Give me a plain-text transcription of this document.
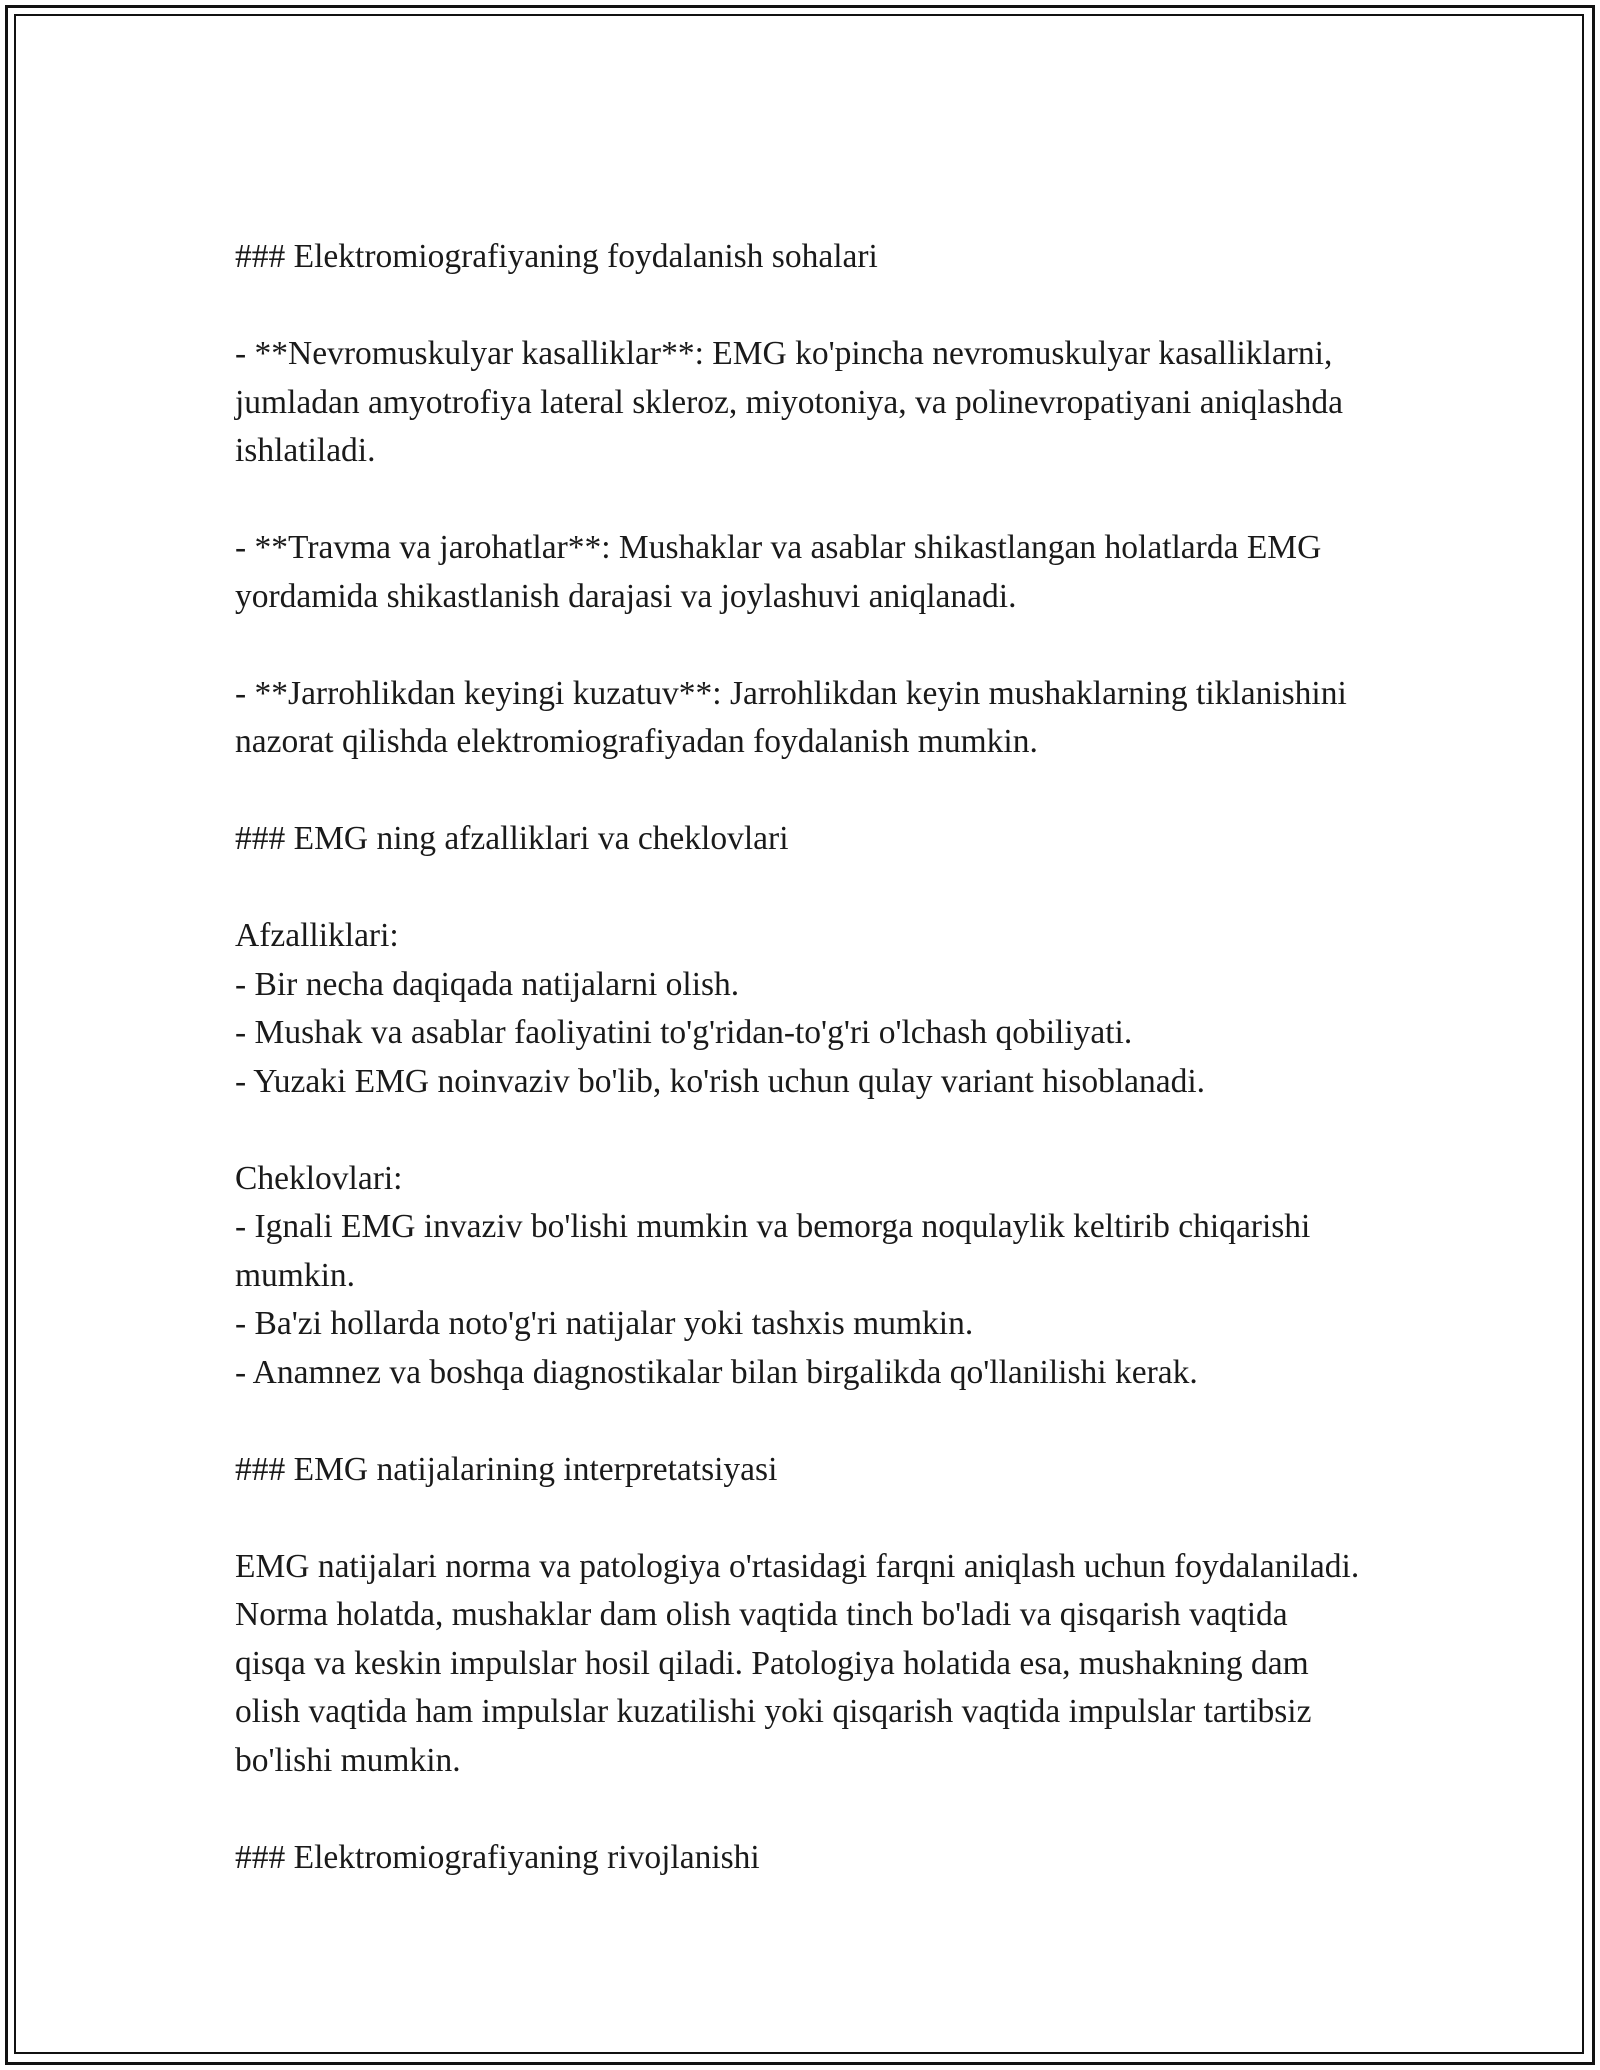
### Elektromiografiyaning foydalanish sohalari

- **Nevromuskulyar kasalliklar**: EMG ko'pincha nevromuskulyar kasalliklarni, jumladan amyotrofiya lateral skleroz, miyotoniya, va polinevropatiyani aniqlashda ishlatiladi.

- **Travma va jarohatlar**: Mushaklar va asablar shikastlangan holatlarda EMG yordamida shikastlanish darajasi va joylashuvi aniqlanadi.

- **Jarrohlikdan keyingi kuzatuv**: Jarrohlikdan keyin mushaklarning tiklanishini nazorat qilishda elektromiografiyadan foydalanish mumkin.

### EMG ning afzalliklari va cheklovlari

Afzalliklari:

- Bir necha daqiqada natijalarni olish.

- Mushak va asablar faoliyatini to'g'ridan-to'g'ri o'lchash qobiliyati.

- Yuzaki EMG noinvaziv bo'lib, ko'rish uchun qulay variant hisoblanadi.

Cheklovlari:

- Ignali EMG invaziv bo'lishi mumkin va bemorga noqulaylik keltirib chiqarishi mumkin.

- Ba'zi hollarda noto'g'ri natijalar yoki tashxis mumkin.

- Anamnez va boshqa diagnostikalar bilan birgalikda qo'llanilishi kerak.

### EMG natijalarining interpretatsiyasi

EMG natijalari norma va patologiya o'rtasidagi farqni aniqlash uchun foydalaniladi. Norma holatda, mushaklar dam olish vaqtida tinch bo'ladi va qisqarish vaqtida qisqa va keskin impulslar hosil qiladi. Patologiya holatida esa, mushakning dam olish vaqtida ham impulslar kuzatilishi yoki qisqarish vaqtida impulslar tartibsiz bo'lishi mumkin.

### Elektromiografiyaning rivojlanishi
